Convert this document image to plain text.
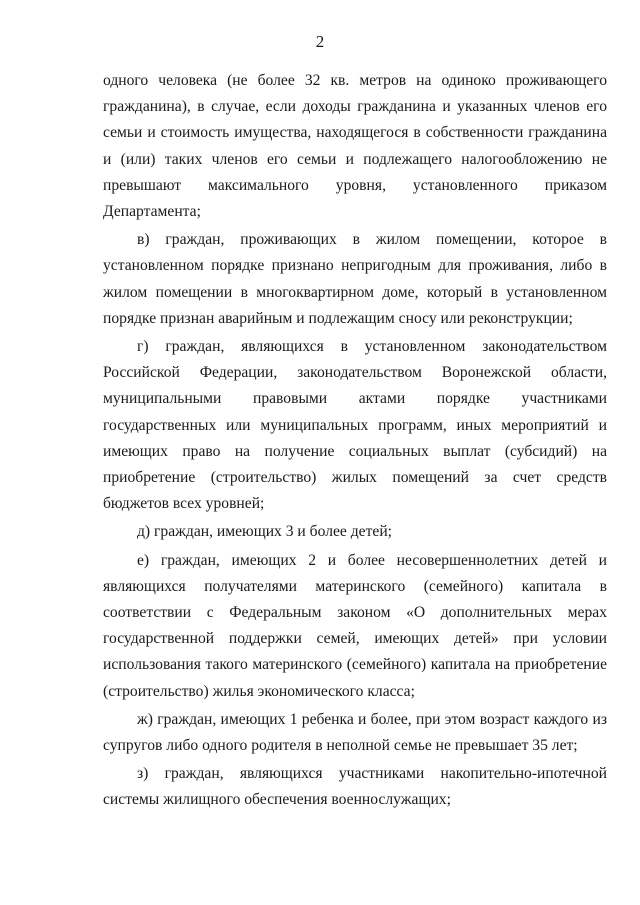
2

одного человека (не более 32 кв. метров на одиноко проживающего гражданина), в случае, если доходы гражданина и указанных членов его семьи и стоимость имущества, находящегося в собственности гражданина и (или) таких членов его семьи и подлежащего налогообложению не превышают максимального уровня, установленного приказом Департамента;

в) граждан, проживающих в жилом помещении, которое в установленном порядке признано непригодным для проживания, либо в жилом помещении в многоквартирном доме, который в установленном порядке признан аварийным и подлежащим сносу или реконструкции;

г) граждан, являющихся в установленном законодательством Российской Федерации, законодательством Воронежской области, муниципальными правовыми актами порядке участниками государственных или муниципальных программ, иных мероприятий и имеющих право на получение социальных выплат (субсидий) на приобретение (строительство) жилых помещений за счет средств бюджетов всех уровней;

д) граждан, имеющих 3 и более детей;

е) граждан, имеющих 2 и более несовершеннолетних детей и являющихся получателями материнского (семейного) капитала в соответствии с Федеральным законом «О дополнительных мерах государственной поддержки семей, имеющих детей» при условии использования такого материнского (семейного) капитала на приобретение (строительство) жилья экономического класса;

ж) граждан, имеющих 1 ребенка и более, при этом возраст каждого из супругов либо одного родителя в неполной семье не превышает 35 лет;

з) граждан, являющихся участниками накопительно-ипотечной системы жилищного обеспечения военнослужащих;
